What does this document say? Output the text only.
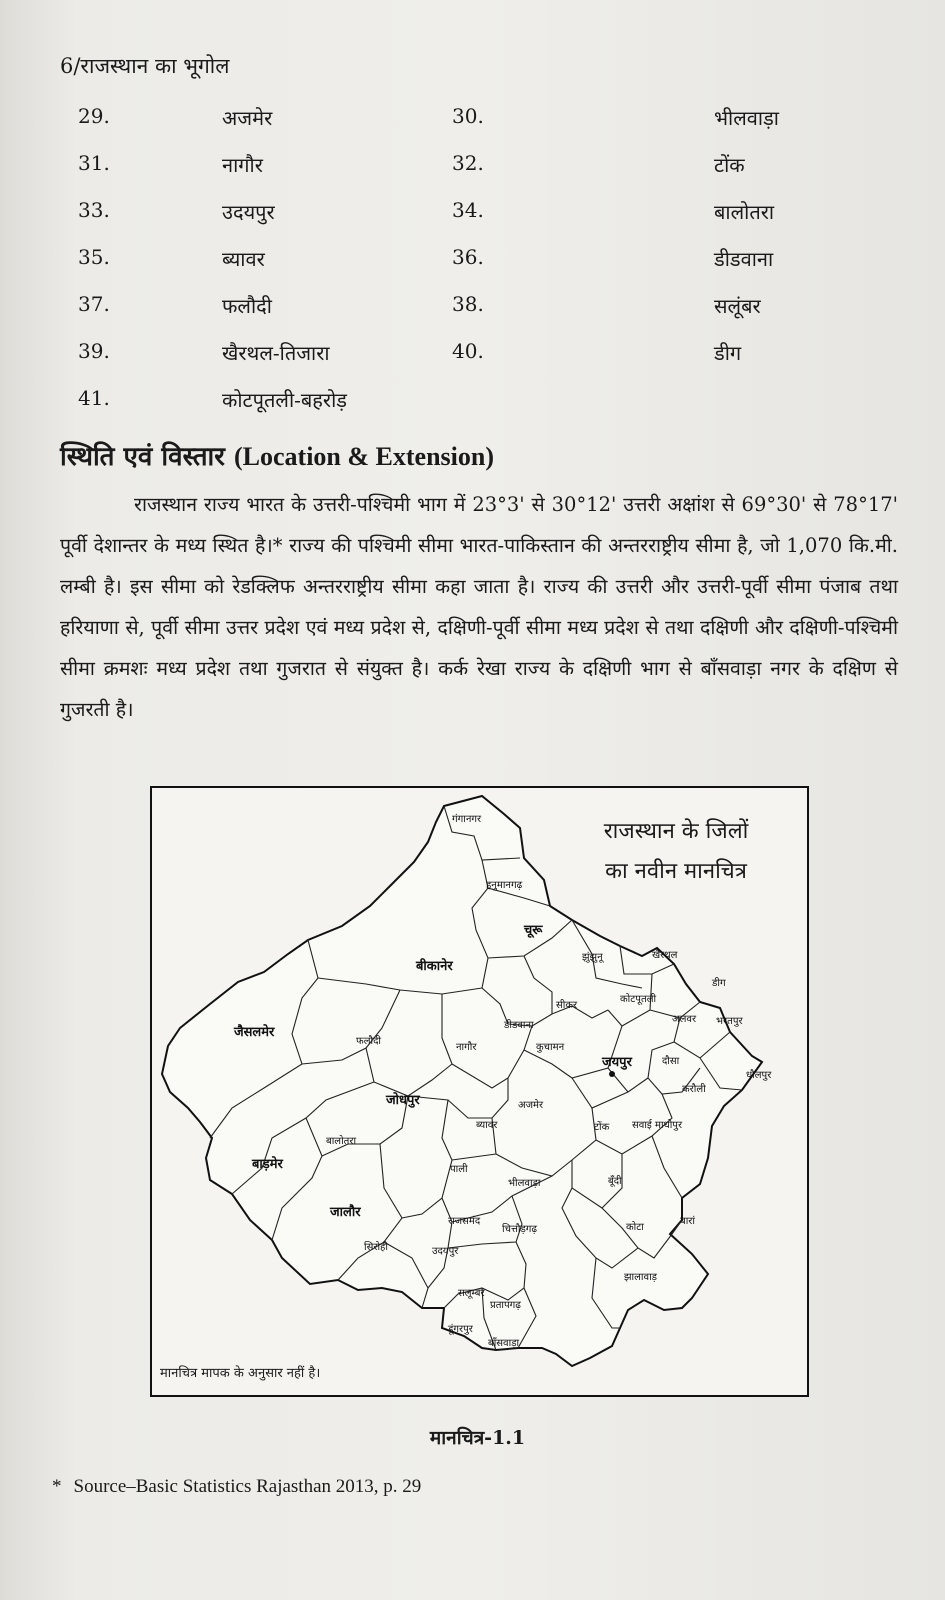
6/राजस्थान का भूगोल
29.	अजमेर	30.	भीलवाड़ा
31.	नागौर	32.	टोंक
33.	उदयपुर	34.	बालोतरा
35.	ब्यावर	36.	डीडवाना
37.	फलौदी	38.	सलूंबर
39.	खैरथल-तिजारा	40.	डीग
41.	कोटपूतली-बहरोड़
स्थिति एवं विस्तार (Location & Extension)

राजस्थान राज्य भारत के उत्तरी-पश्चिमी भाग में 23°3' से 30°12' उत्तरी अक्षांश से 69°30' से 78°17' पूर्वी देशान्तर के मध्य स्थित है।* राज्य की पश्चिमी सीमा भारत-पाकिस्तान की अन्तरराष्ट्रीय सीमा है, जो 1,070 कि.मी. लम्बी है। इस सीमा को रेडक्लिफ अन्तरराष्ट्रीय सीमा कहा जाता है। राज्य की उत्तरी और उत्तरी-पूर्वी सीमा पंजाब तथा हरियाणा से, पूर्वी सीमा उत्तर प्रदेश एवं मध्य प्रदेश से, दक्षिणी-पूर्वी सीमा मध्य प्रदेश से तथा दक्षिणी और दक्षिणी-पश्चिमी सीमा क्रमशः मध्य प्रदेश तथा गुजरात से संयुक्त है। कर्क रेखा राज्य के दक्षिणी भाग से बाँसवाड़ा नगर के दक्षिण से गुजरती है।

गंगानगर
हनुमानगढ़
चूरू
बीकानेर
झुंझुनू
सीकर
कोटपूतली
खैरथल
अलवर
डीग
भरतपुर
धौलपुर
जैसलमेर
फलौदी
नागौर
डीडवाना
कुचामन
जयपुर	दौसा
करौली
जोधपुर	अजमेर
ब्यावर	टोंक सवाई माधोपुर
बालोतरा
बाड़मेर	पाली
भीलवाड़ा	बूँदी
जालौर
सिरोही
राजसमंद
चित्तौड़गढ़	कोटा
बारां
उदयपुर
झालावाड़
सलूम्बर
प्रतापगढ़
डूंगरपुर
बाँसवाड़ा
राजस्थान के जिलों
का नवीन मानचित्र
मानचित्र मापक के अनुसार नहीं है।
मानचित्र-1.1
* Source–Basic Statistics Rajasthan 2013, p. 29
